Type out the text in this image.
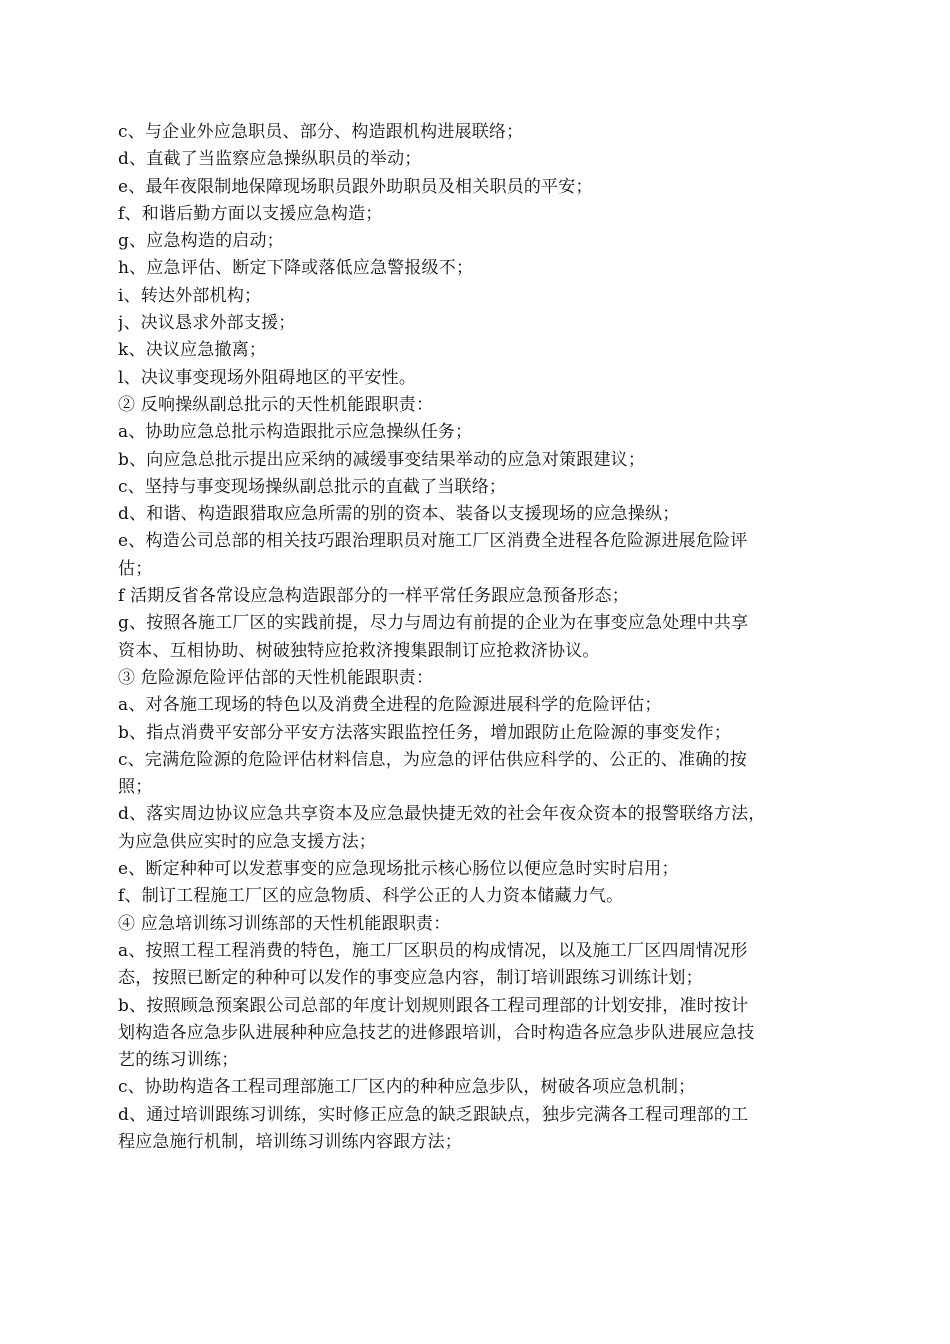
c、与企业外应急职员、部分、构造跟机构进展联络；
d、直截了当监察应急操纵职员的举动；
e、最年夜限制地保障现场职员跟外助职员及相关职员的平安；
f、和谐后勤方面以支援应急构造；
g、应急构造的启动；
h、应急评估、断定下降或落低应急警报级不；
i、转达外部机构；
j、决议恳求外部支援；
k、决议应急撤离；
l、决议事变现场外阻碍地区的平安性。
② 反响操纵副总批示的天性机能跟职责：
a、协助应急总批示构造跟批示应急操纵任务；
b、向应急总批示提出应采纳的减缓事变结果举动的应急对策跟建议；
c、坚持与事变现场操纵副总批示的直截了当联络；
d、和谐、构造跟猎取应急所需的别的资本、装备以支援现场的应急操纵；
e、构造公司总部的相关技巧跟治理职员对施工厂区消费全进程各危险源进展危险评
估；
f 活期反省各常设应急构造跟部分的一样平常任务跟应急预备形态；
g、按照各施工厂区的实践前提，尽力与周边有前提的企业为在事变应急处理中共享
资本、互相协助、树破独特应抢救济搜集跟制订应抢救济协议。
③ 危险源危险评估部的天性机能跟职责：
a、对各施工现场的特色以及消费全进程的危险源进展科学的危险评估；
b、指点消费平安部分平安方法落实跟监控任务，增加跟防止危险源的事变发作；
c、完满危险源的危险评估材料信息，为应急的评估供应科学的、公正的、准确的按
照；
d、落实周边协议应急共享资本及应急最快捷无效的社会年夜众资本的报警联络方法，
为应急供应实时的应急支援方法；
e、断定种种可以发惹事变的应急现场批示核心肠位以便应急时实时启用；
f、制订工程施工厂区的应急物质、科学公正的人力资本储藏力气。
④ 应急培训练习训练部的天性机能跟职责：
a、按照工程工程消费的特色，施工厂区职员的构成情况，以及施工厂区四周情况形
态，按照已断定的种种可以发作的事变应急内容，制订培训跟练习训练计划；
b、按照顾急预案跟公司总部的年度计划规则跟各工程司理部的计划安排，准时按计
划构造各应急步队进展种种应急技艺的进修跟培训，合时构造各应急步队进展应急技
艺的练习训练；
c、协助构造各工程司理部施工厂区内的种种应急步队，树破各项应急机制；
d、通过培训跟练习训练，实时修正应急的缺乏跟缺点，独步完满各工程司理部的工
程应急施行机制，培训练习训练内容跟方法；
